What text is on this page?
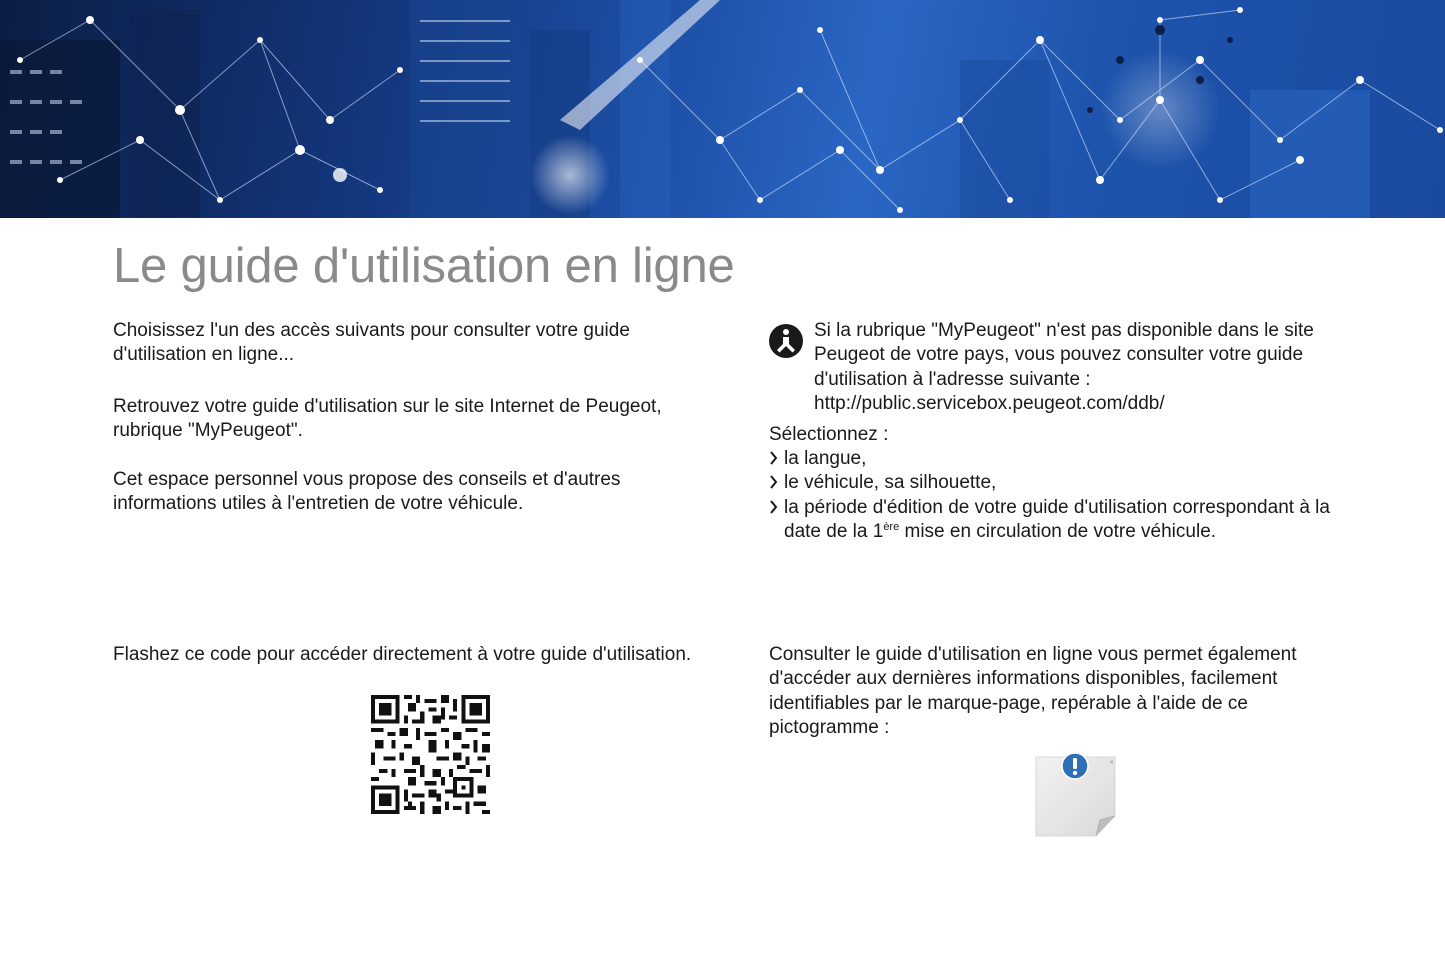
Le guide d'utilisation en ligne

Choisissez l'un des accès suivants pour consulter votre guide d'utilisation en ligne...

Retrouvez votre guide d'utilisation sur le site Internet de Peugeot, rubrique "MyPeugeot".

Cet espace personnel vous propose des conseils et d'autres informations utiles à l'entretien de votre véhicule.

Flashez ce code pour accéder directement à votre guide d'utilisation.

Si la rubrique "MyPeugeot" n'est pas disponible dans le site Peugeot de votre pays, vous pouvez consulter votre guide d'utilisation à l'adresse suivante :
http://public.servicebox.peugeot.com/ddb/

Sélectionnez :

la langue,
le véhicule, sa silhouette,
la période d'édition de votre guide d'utilisation correspondant à la date de la 1ère mise en circulation de votre véhicule.

Consulter le guide d'utilisation en ligne vous permet également d'accéder aux dernières informations disponibles, facilement identifiables par le marque-page, repérable à l'aide de ce pictogramme :

×
